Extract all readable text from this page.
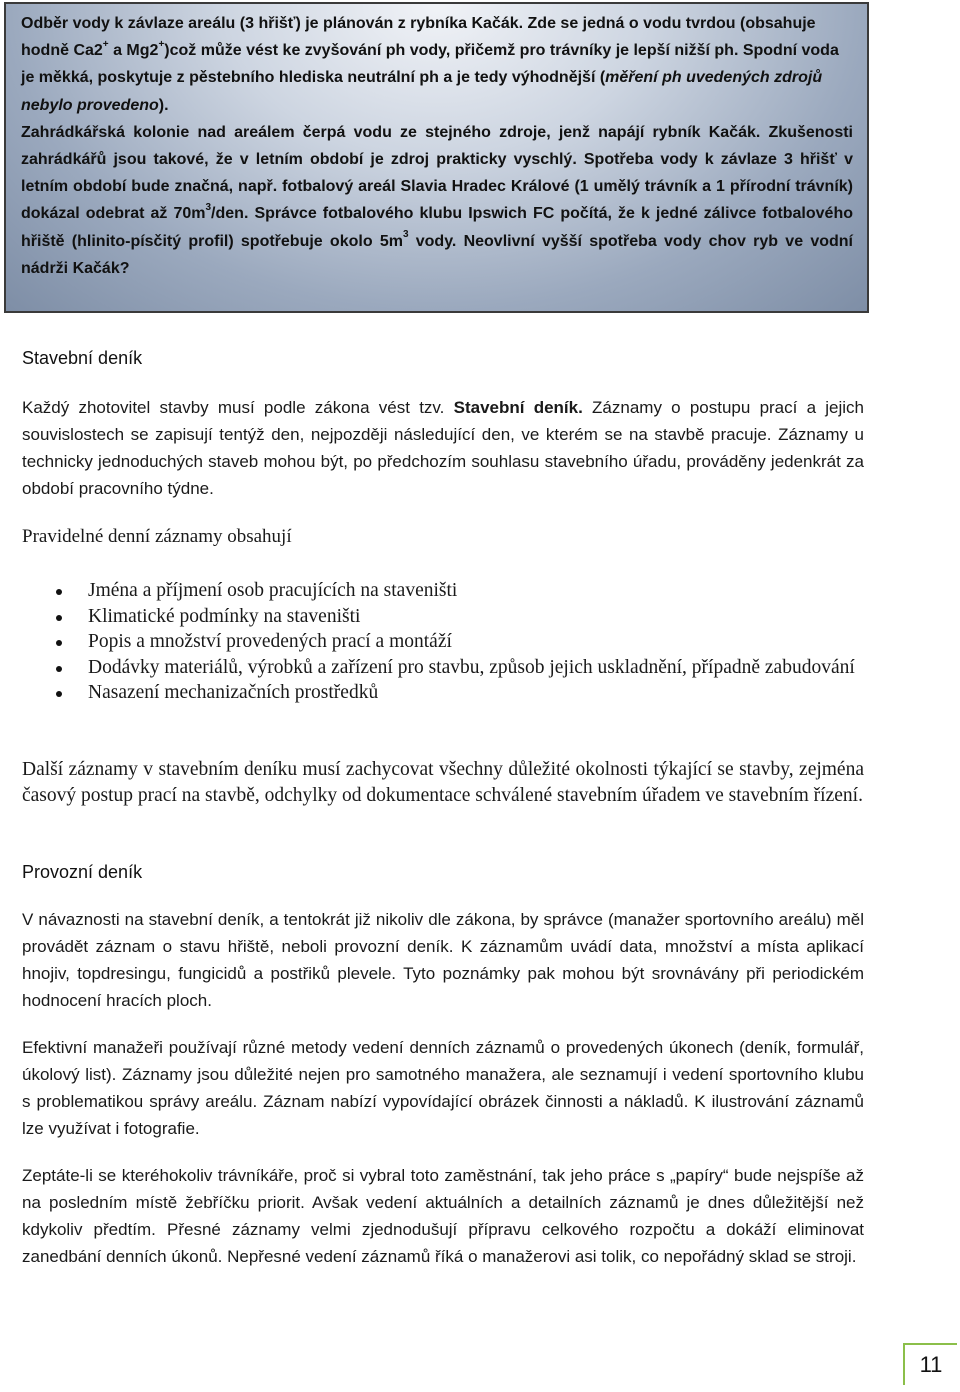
Odběr vody k závlaze areálu (3 hřišť) je plánován z rybníka Kačák. Zde se jedná o vodu tvrdou (obsahuje hodně Ca2+ a Mg2+)což může vést ke zvyšování ph vody, přičemž pro trávníky je lepší nižší ph. Spodní voda je měkká, poskytuje z pěstebního hlediska neutrální ph a je tedy výhodnější (měření ph uvedených zdrojů nebylo provedeno).

Zahrádkářská kolonie nad areálem čerpá vodu ze stejného zdroje, jenž napájí rybník Kačák. Zkušenosti zahrádkářů jsou takové, že v letním období je zdroj prakticky vyschlý. Spotřeba vody k závlaze 3 hřišť v letním období bude značná, např. fotbalový areál Slavia Hradec Králové (1 umělý trávník a 1 přírodní trávník) dokázal odebrat až $70m^3$/den. Správce fotbalového klubu Ipswich FC počítá, že k jedné zálivce fotbalového hřiště (hlinito-písčitý profil) spotřebuje okolo $5m^3$ vody. Neovlivní vyšší spotřeba vody chov ryb ve vodní nádrži Kačák?

Stavební deník

Každý zhotovitel stavby musí podle zákona vést tzv. Stavební deník. Záznamy o postupu prací a jejich souvislostech se zapisují tentýž den, nejpozději následující den, ve kterém se na stavbě pracuje. Záznamy u technicky jednoduchých staveb mohou být, po předchozím souhlasu stavebního úřadu, prováděny jedenkrát za období pracovního týdne.

Pravidelné denní záznamy obsahují

Jména a příjmení osob pracujících na staveništi
Klimatické podmínky na staveništi
Popis a množství provedených prací a montáží
Dodávky materiálů, výrobků a zařízení pro stavbu, způsob jejich uskladnění, případně zabudování
Nasazení mechanizačních prostředků

Další záznamy v stavebním deníku musí zachycovat všechny důležité okolnosti týkající se stavby, zejména časový postup prací na stavbě, odchylky od dokumentace schválené stavebním úřadem ve stavebním řízení.

Provozní deník

V návaznosti na stavební deník, a tentokrát již nikoliv dle zákona, by správce (manažer sportovního areálu) měl provádět záznam o stavu hřiště, neboli provozní deník. K záznamům uvádí data, množství a místa aplikací hnojiv, topdresingu, fungicidů a postřiků plevele. Tyto poznámky pak mohou být srovnávány při periodickém hodnocení hracích ploch.

Efektivní manažeři používají různé metody vedení denních záznamů o provedených úkonech (deník, formulář, úkolový list). Záznamy jsou důležité nejen pro samotného manažera, ale seznamují i vedení sportovního klubu s problematikou správy areálu. Záznam nabízí vypovídající obrázek činnosti a nákladů. K ilustrování záznamů lze využívat i fotografie.

Zeptáte-li se kteréhokoliv trávníkáře, proč si vybral toto zaměstnání, tak jeho práce s „papíry“ bude nejspíše až na posledním místě žebříčku priorit. Avšak vedení aktuálních a detailních záznamů je dnes důležitější než kdykoliv předtím. Přesné záznamy velmi zjednodušují přípravu celkového rozpočtu a dokáží eliminovat zanedbání denních úkonů. Nepřesné vedení záznamů říká o manažerovi asi tolik, co nepořádný sklad se stroji.

11
